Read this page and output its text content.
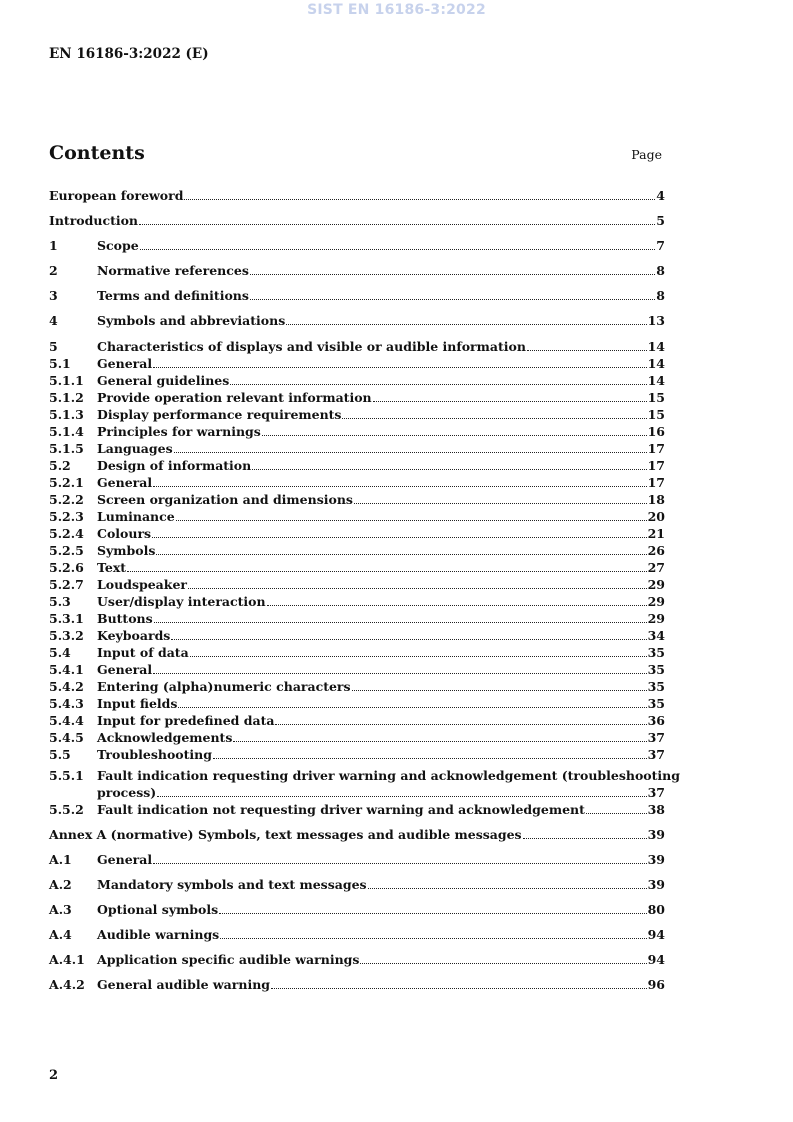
SIST EN 16186-3:2022
EN 16186-3:2022 (E)
Contents	Page
European foreword	4
Introduction	5
1	Scope	7
2	Normative references	8
3	Terms and definitions	8
4	Symbols and abbreviations	13
5	Characteristics of displays and visible or audible information	14
5.1	General	14
5.1.1	General guidelines	14
5.1.2	Provide operation relevant information	15
5.1.3	Display performance requirements	15
5.1.4	Principles for warnings	16
5.1.5	Languages	17
5.2	Design of information	17
5.2.1	General	17
5.2.2	Screen organization and dimensions	18
5.2.3	Luminance	20
5.2.4	Colours	21
5.2.5	Symbols	26
5.2.6	Text	27
5.2.7	Loudspeaker	29
5.3	User/display interaction	29
5.3.1	Buttons	29
5.3.2	Keyboards	34
5.4	Input of data	35
5.4.1	General	35
5.4.2	Entering (alpha)numeric characters	35
5.4.3	Input fields	35
5.4.4	Input for predefined data	36
5.4.5	Acknowledgements	37
5.5	Troubleshooting	37
5.5.1	Fault indication requesting driver warning and acknowledgement (troubleshooting
process)	37
5.5.2	Fault indication not requesting driver warning and acknowledgement	38
Annex A (normative) Symbols, text messages and audible messages	39
A.1	General	39
A.2	Mandatory symbols and text messages	39
A.3	Optional symbols	80
A.4	Audible warnings	94
A.4.1 Application specific audible warnings	94
A.4.2 General audible warning	96
2
